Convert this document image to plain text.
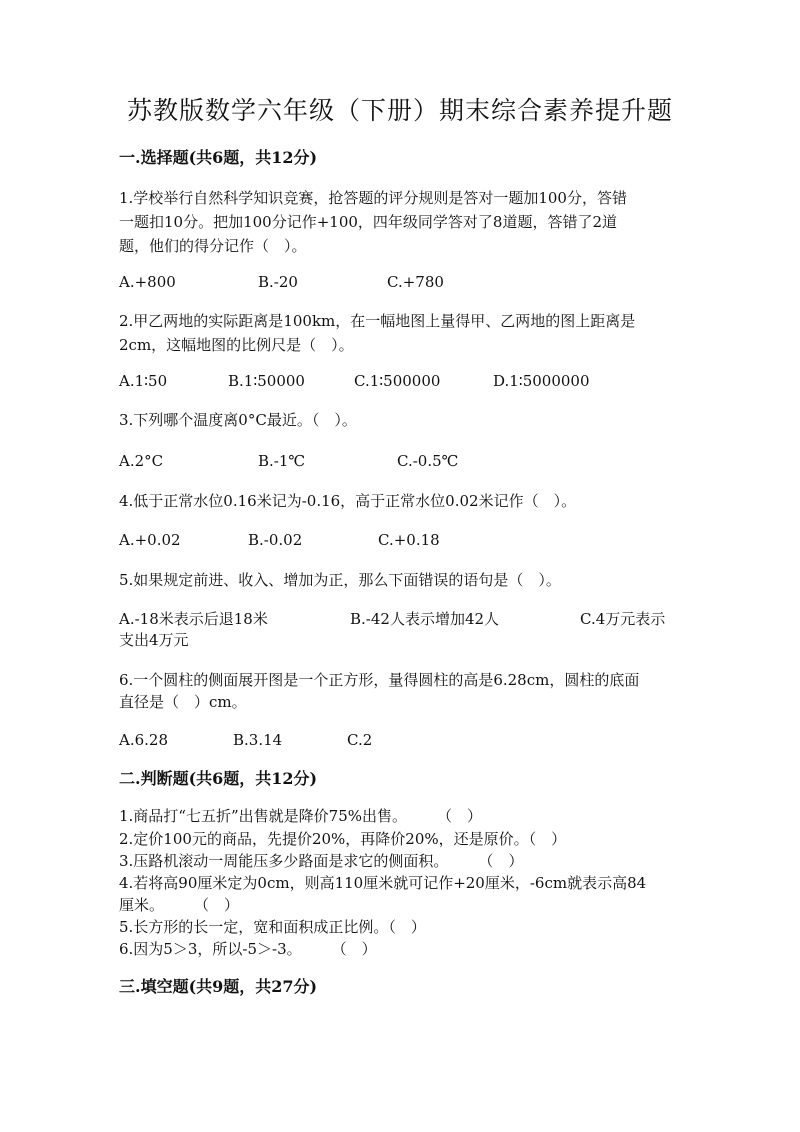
苏教版数学六年级（下册）期末综合素养提升题
一.选择题(共6题，共12分)
1.学校举行自然科学知识竞赛，抢答题的评分规则是答对一题加100分，答错
一题扣10分。把加100分记作+100，四年级同学答对了8道题，答错了2道
题，他们的得分记作（　）。
A.+800	B.-20	C.+780
2.甲乙两地的实际距离是100km，在一幅地图上量得甲、乙两地的图上距离是
2cm，这幅地图的比例尺是（　）。
A.1∶50	B.1∶50000	C.1∶500000	D.1∶5000000
3.下列哪个温度离0°C最近。（　）。
A.2°C	B.-1℃	C.-0.5℃
4.低于正常水位0.16米记为-0.16，高于正常水位0.02米记作（　）。
A.+0.02	B.-0.02	C.+0.18
5.如果规定前进、收入、增加为正，那么下面错误的语句是（　）。
A.-18米表示后退18米	B.-42人表示增加42人	C.4万元表示
支出4万元
6.一个圆柱的侧面展开图是一个正方形，量得圆柱的高是6.28cm，圆柱的底面
直径是（　）cm。
A.6.28	B.3.14	C.2
二.判断题(共6题，共12分)
1.商品打“七五折”出售就是降价75%出售。　　　（　）
2.定价100元的商品，先提价20%，再降价20%，还是原价。（　）
3.压路机滚动一周能压多少路面是求它的侧面积。　　　（　）
4.若将高90厘米定为0cm，则高110厘米就可记作+20厘米，-6cm就表示高84
厘米。　　　（　）
5.长方形的长一定，宽和面积成正比例。（　）
6.因为5＞3，所以-5＞-3。　　　（　）
三.填空题(共9题，共27分)
